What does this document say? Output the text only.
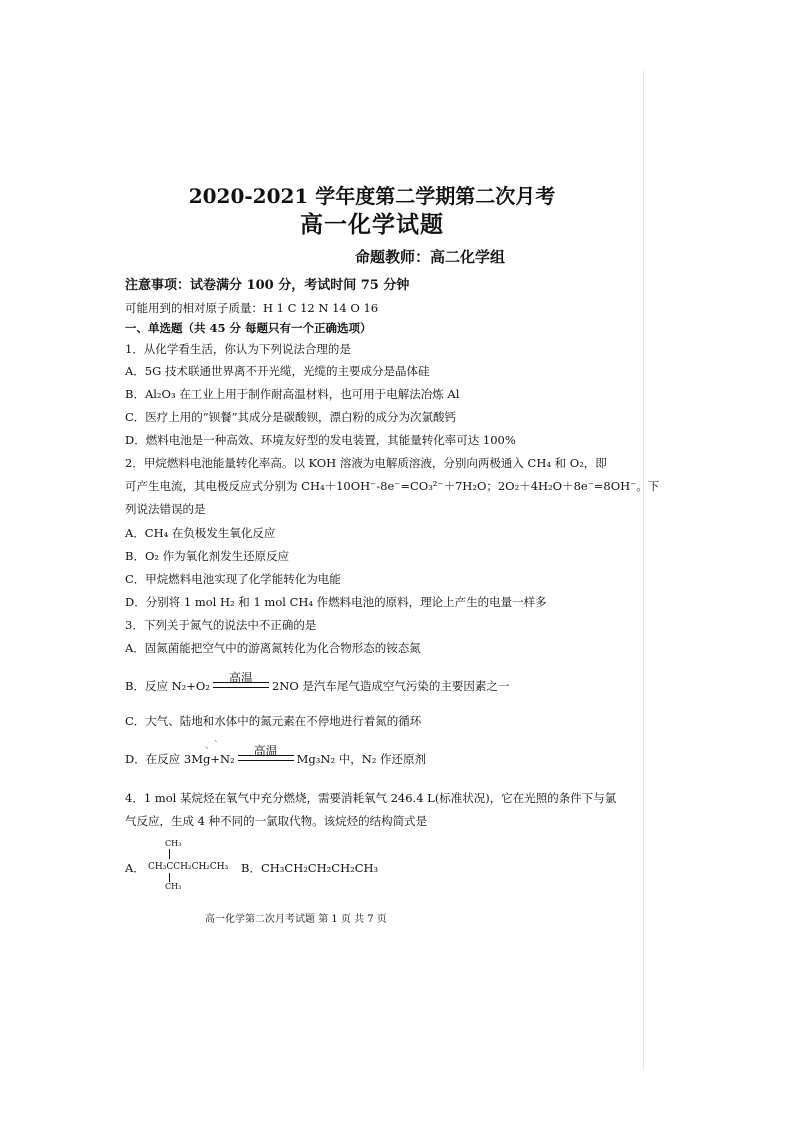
、`
2020-2021 学年度第二学期第二次月考
高一化学试题
命题教师：高二化学组
注意事项：试卷满分 100 分，考试时间 75 分钟
可能用到的相对原子质量：H 1 C 12 N 14 O 16
一、单选题（共 45 分 每题只有一个正确选项）
1．从化学看生活，你认为下列说法合理的是
A．5G 技术联通世界离不开光缆，光缆的主要成分是晶体硅
B．Al₂O₃ 在工业上用于制作耐高温材料，也可用于电解法冶炼 Al
C．医疗上用的“钡餐”其成分是碳酸钡，漂白粉的成分为次氯酸钙
D．燃料电池是一种高效、环境友好型的发电装置，其能量转化率可达 100%
2．甲烷燃料电池能量转化率高。以 KOH 溶液为电解质溶液，分别向两极通入 CH₄ 和 O₂，即
可产生电流，其电极反应式分别为 CH₄＋10OH⁻-8e⁻=CO₃²⁻＋7H₂O；2O₂＋4H₂O＋8e⁻=8OH⁻。下
列说法错误的是
A．CH₄ 在负极发生氧化反应
B．O₂ 作为氧化剂发生还原反应
C．甲烷燃料电池实现了化学能转化为电能
D．分别将 1 mol H₂ 和 1 mol CH₄ 作燃料电池的原料，理论上产生的电量一样多
3．下列关于氮气的说法中不正确的是
A．固氮菌能把空气中的游离氮转化为化合物形态的铵态氮
B．反应 N₂+O₂
高温
2NO 是汽车尾气造成空气污染的主要因素之一
C．大气、陆地和水体中的氮元素在不停地进行着氮的循环
D．在反应 3Mg+N₂
高温
Mg₃N₂ 中，N₂ 作还原剂
4．1 mol 某烷烃在氧气中充分燃烧，需要消耗氧气 246.4 L(标准状况)，它在光照的条件下与氯
气反应，生成 4 种不同的一氯取代物。该烷烃的结构简式是
A．
CH₃
CH₃CCH₂CH₂CH₃
CH₃
B．CH₃CH₂CH₂CH₂CH₃
高一化学第二次月考试题 第 1 页 共 7 页
